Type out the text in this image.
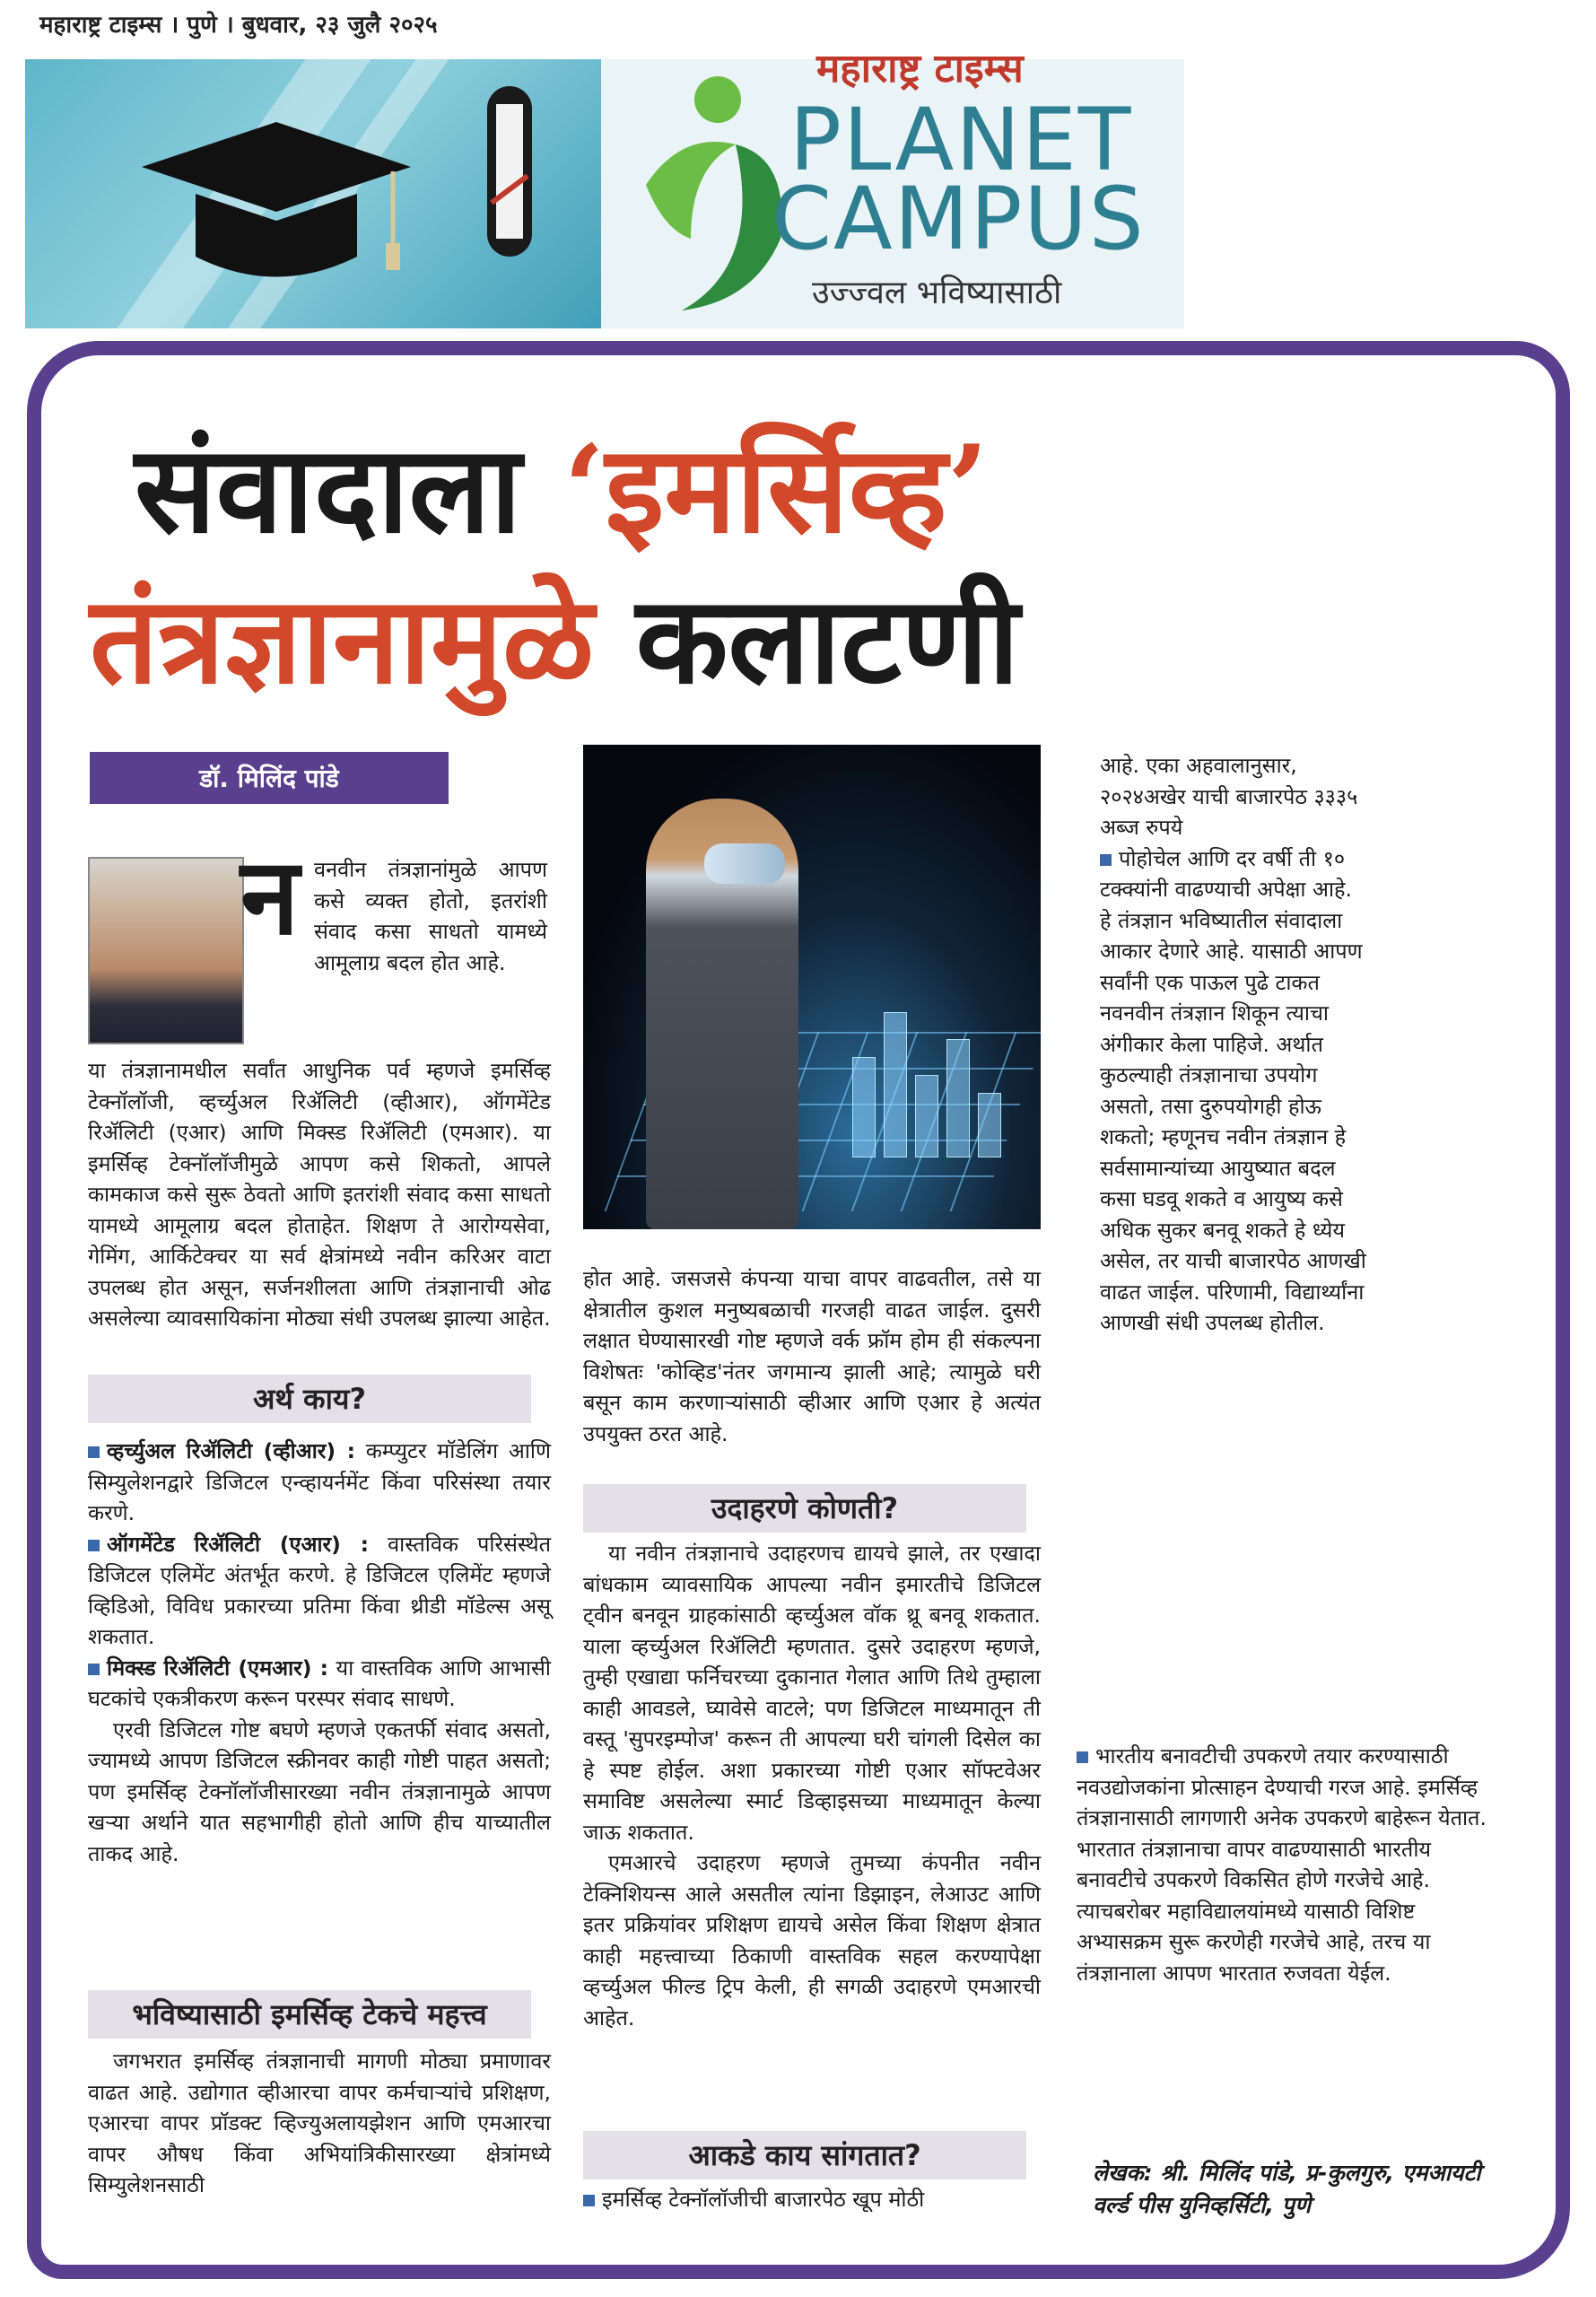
महाराष्ट्र टाइम्स । पुणे । बुधवार, २३ जुलै २०२५
महाराष्ट्र टाइम्स
PLANET
CAMPUS
उज्ज्वल भविष्यासाठी
संवादाला ‘इमर्सिव्ह’
तंत्रज्ञानामुळे कलाटणी
डॉ. मिलिंद पांडे
न वनवीन तंत्रज्ञानांमुळे आपण कसे व्यक्त होतो, इतरांशी संवाद कसा साधतो यामध्ये आमूलाग्र बदल होत आहे.
या तंत्रज्ञानामधील सर्वांत आधुनिक पर्व म्हणजे इमर्सिव्ह टेक्नॉलॉजी, व्हर्च्युअल रिॲलिटी (व्हीआर), ऑगमेंटेड रिॲलिटी (एआर) आणि मिक्स्ड रिॲलिटी (एमआर). या इमर्सिव्ह टेक्नॉलॉजीमुळे आपण कसे शिकतो, आपले कामकाज कसे सुरू ठेवतो आणि इतरांशी संवाद कसा साधतो यामध्ये आमूलाग्र बदल होताहेत. शिक्षण ते आरोग्यसेवा, गेमिंग, आर्किटेक्चर या सर्व क्षेत्रांमध्ये नवीन करिअर वाटा उपलब्ध होत असून, सर्जनशीलता आणि तंत्रज्ञानाची ओढ असलेल्या व्यावसायिकांना मोठ्या संधी उपलब्ध झाल्या आहेत.
अर्थ काय?
व्हर्च्युअल रिॲलिटी (व्हीआर) : कम्प्युटर मॉडेलिंग आणि सिम्युलेशनद्वारे डिजिटल एन्व्हायर्नमेंट किंवा परिसंस्था तयार करणे.
ऑगमेंटेड रिॲलिटी (एआर) : वास्तविक परिसंस्थेत डिजिटल एलिमेंट अंतर्भूत करणे. हे डिजिटल एलिमेंट म्हणजे व्हिडिओ, विविध प्रकारच्या प्रतिमा किंवा थ्रीडी मॉडेल्स असू शकतात.
मिक्स्ड रिॲलिटी (एमआर) : या वास्तविक आणि आभासी घटकांचे एकत्रीकरण करून परस्पर संवाद साधणे.
एरवी डिजिटल गोष्ट बघणे म्हणजे एकतर्फी संवाद असतो, ज्यामध्ये आपण डिजिटल स्क्रीनवर काही गोष्टी पाहत असतो; पण इमर्सिव्ह टेक्नॉलॉजीसारख्या नवीन तंत्रज्ञानामुळे आपण खऱ्या अर्थाने यात सहभागीही होतो आणि हीच याच्यातील ताकद आहे.
भविष्यासाठी इमर्सिव्ह टेकचे महत्त्व
जगभरात इमर्सिव्ह तंत्रज्ञानाची मागणी मोठ्या प्रमाणावर वाढत आहे. उद्योगात व्हीआरचा वापर कर्मचाऱ्यांचे प्रशिक्षण, एआरचा वापर प्रॉडक्ट व्हिज्युअलायझेशन आणि एमआरचा वापर औषध किंवा अभियांत्रिकीसारख्या क्षेत्रांमध्ये सिम्युलेशनसाठी
होत आहे. जसजसे कंपन्या याचा वापर वाढवतील, तसे या क्षेत्रातील कुशल मनुष्यबळाची गरजही वाढत जाईल. दुसरी लक्षात घेण्यासारखी गोष्ट म्हणजे वर्क फ्रॉम होम ही संकल्पना विशेषतः 'कोव्हिड'नंतर जगमान्य झाली आहे; त्यामुळे घरी बसून काम करणाऱ्यांसाठी व्हीआर आणि एआर हे अत्यंत उपयुक्त ठरत आहे.
उदाहरणे कोणती?
या नवीन तंत्रज्ञानाचे उदाहरणच द्यायचे झाले, तर एखादा बांधकाम व्यावसायिक आपल्या नवीन इमारतीचे डिजिटल ट्वीन बनवून ग्राहकांसाठी व्हर्च्युअल वॉक थ्रू बनवू शकतात. याला व्हर्च्युअल रिॲलिटी म्हणतात. दुसरे उदाहरण म्हणजे, तुम्ही एखाद्या फर्निचरच्या दुकानात गेलात आणि तिथे तुम्हाला काही आवडले, घ्यावेसे वाटले; पण डिजिटल माध्यमातून ती वस्तू 'सुपरइम्पोज' करून ती आपल्या घरी चांगली दिसेल का हे स्पष्ट होईल. अशा प्रकारच्या गोष्टी एआर सॉफ्टवेअर समाविष्ट असलेल्या स्मार्ट डिव्हाइसच्या माध्यमातून केल्या जाऊ शकतात.
एमआरचे उदाहरण म्हणजे तुमच्या कंपनीत नवीन टेक्निशियन्स आले असतील त्यांना डिझाइन, लेआउट आणि इतर प्रक्रियांवर प्रशिक्षण द्यायचे असेल किंवा शिक्षण क्षेत्रात काही महत्त्वाच्या ठिकाणी वास्तविक सहल करण्यापेक्षा व्हर्च्युअल फील्ड ट्रिप केली, ही सगळी उदाहरणे एमआरची आहेत.
आकडे काय सांगतात?
इमर्सिव्ह टेक्नॉलॉजीची बाजारपेठ खूप मोठी
आहे. एका अहवालानुसार, २०२४अखेर याची बाजारपेठ ३३३५ अब्ज रुपये
पोहोचेल आणि दर वर्षी ती १० टक्क्यांनी वाढण्याची अपेक्षा आहे. हे तंत्रज्ञान भविष्यातील संवादाला आकार देणारे आहे. यासाठी आपण सर्वांनी एक पाऊल पुढे टाकत नवनवीन तंत्रज्ञान शिकून त्याचा अंगीकार केला पाहिजे. अर्थात कुठल्याही तंत्रज्ञानाचा उपयोग असतो, तसा दुरुपयोगही होऊ शकतो; म्हणूनच नवीन तंत्रज्ञान हे सर्वसामान्यांच्या आयुष्यात बदल कसा घडवू शकते व आयुष्य कसे अधिक सुकर बनवू शकते हे ध्येय असेल, तर याची बाजारपेठ आणखी वाढत जाईल. परिणामी, विद्यार्थ्यांना आणखी संधी उपलब्ध होतील.
भारतीय बनावटीची उपकरणे तयार करण्यासाठी नवउद्योजकांना प्रोत्साहन देण्याची गरज आहे. इमर्सिव्ह तंत्रज्ञानासाठी लागणारी अनेक उपकरणे बाहेरून येतात. भारतात तंत्रज्ञानाचा वापर वाढण्यासाठी भारतीय बनावटीचे उपकरणे विकसित होणे गरजेचे आहे. त्याचबरोबर महाविद्यालयांमध्ये यासाठी विशिष्ट अभ्यासक्रम सुरू करणेही गरजेचे आहे, तरच या तंत्रज्ञानाला आपण भारतात रुजवता येईल.
लेखक: श्री. मिलिंद पांडे, प्र-कुलगुरु, एमआयटी वर्ल्ड पीस युनिव्हर्सिटी, पुणे
